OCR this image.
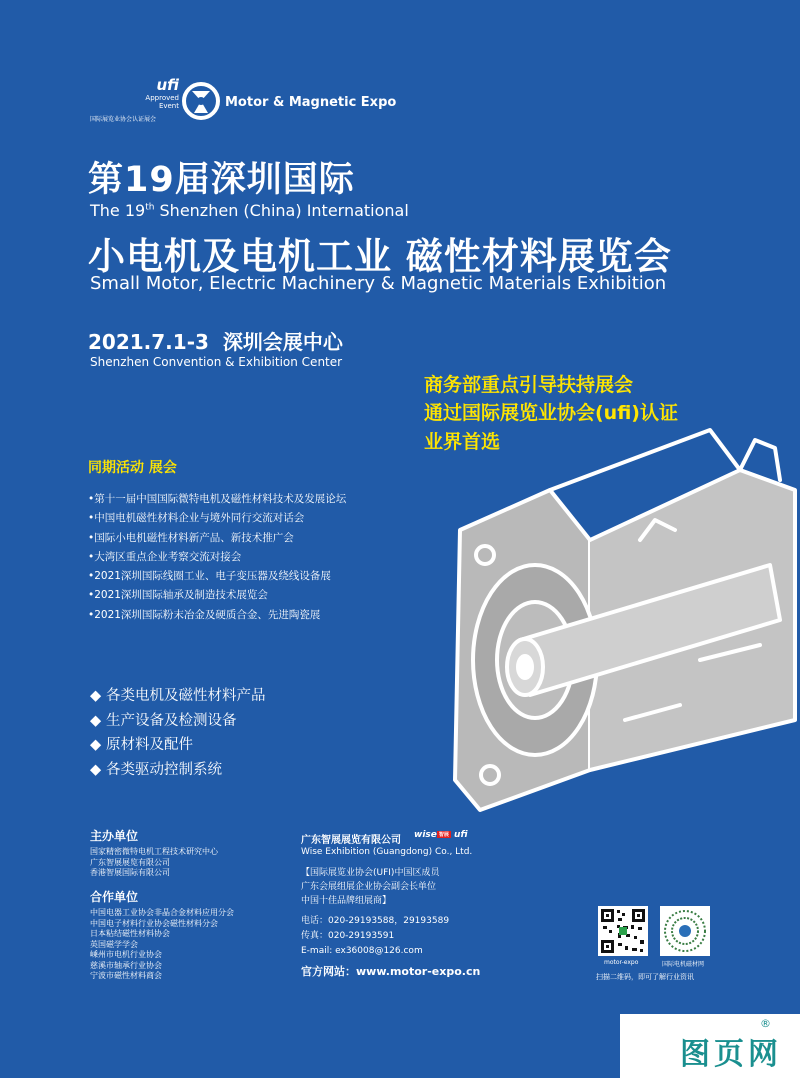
ufi
Approved
Event
国际展览业协会认证展会
Motor & Magnetic Expo
第19届深圳国际
The 19th Shenzhen (China) International
小电机及电机工业 磁性材料展览会
Small Motor, Electric Machinery & Magnetic Materials Exhibition
2021.7.1-3 深圳会展中心
Shenzhen Convention & Exhibition Center
商务部重点引导扶持展会
通过国际展览业协会(ufi)认证
业界首选
同期活动 展会
•第十一届中国国际微特电机及磁性材料技术及发展论坛
•中国电机磁性材料企业与境外同行交流对话会
•国际小电机磁性材料新产品、新技术推广会
•大湾区重点企业考察交流对接会
•2021深圳国际线圈工业、电子变压器及绕线设备展
•2021深圳国际轴承及制造技术展览会
•2021深圳国际粉末冶金及硬质合金、先进陶瓷展
◆ 各类电机及磁性材料产品
◆ 生产设备及检测设备
◆ 原材料及配件
◆ 各类驱动控制系统
主办单位
国家精密微特电机工程技术研究中心
广东智展展览有限公司
香港智展国际有限公司
合作单位
中国电器工业协会非晶合金材料应用分会
中国电子材料行业协会磁性材料分会
日本粘结磁性材料协会
英国磁学学会
嵊州市电机行业协会
慈溪市轴承行业协会
宁波市磁性材料商会
广东智展展览有限公司 wise 智展 ufi
Wise Exhibition (Guangdong) Co., Ltd.
【国际展览业协会(UFI)中国区成员
广东会展组展企业协会副会长单位
中国十佳品牌组展商】
电话：020-29193588，29193589
传真：020-29193591
E-mail: ex36008@126.com
官方网站：www.motor-expo.cn
motor-expo	国际电机磁材网
扫描二维码，即可了解行业资讯
图页网
®
